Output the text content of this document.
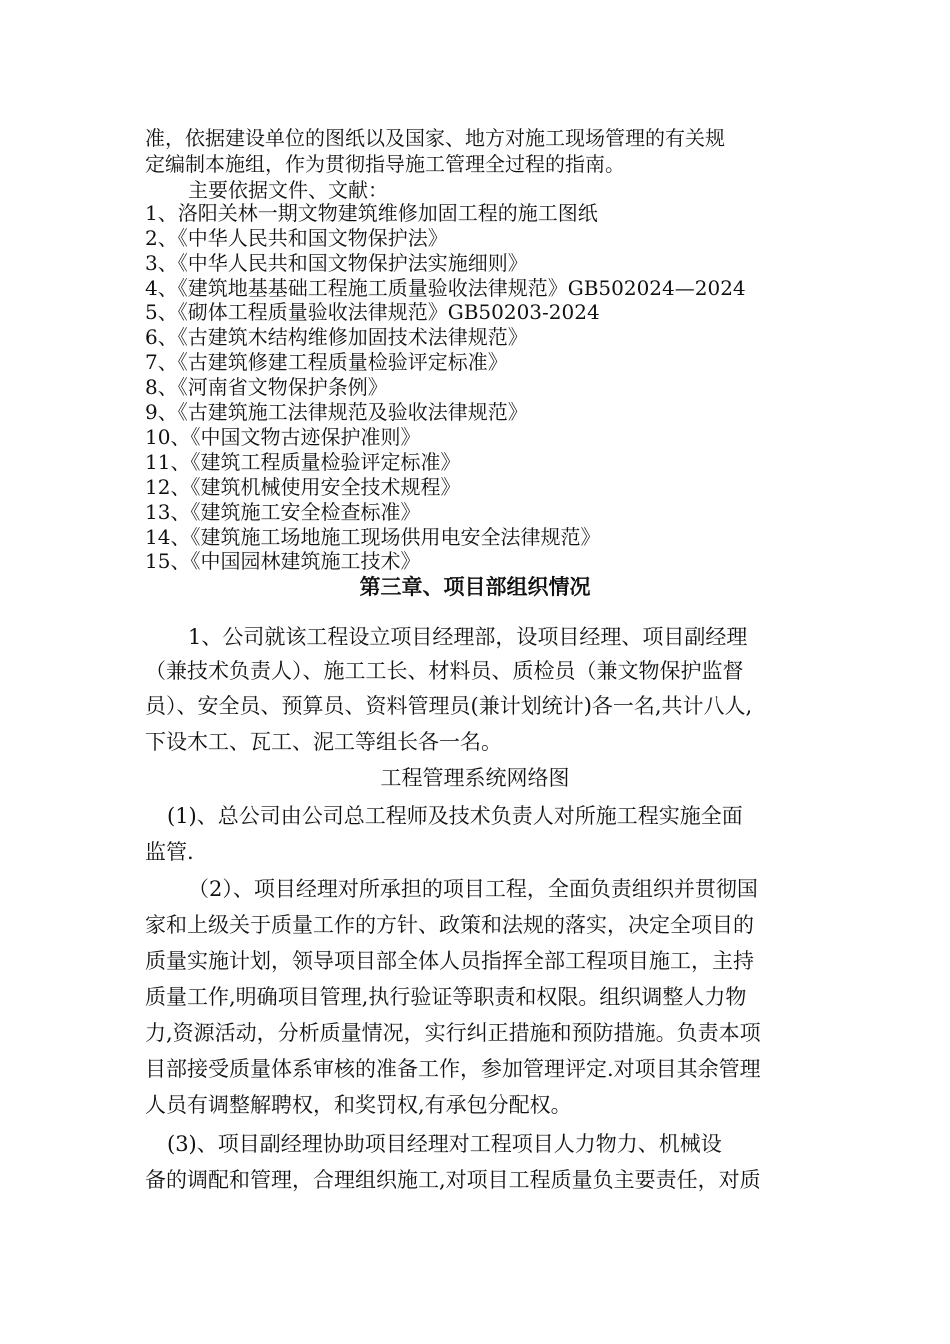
准，依据建设单位的图纸以及国家、地方对施工现场管理的有关规
定编制本施组，作为贯彻指导施工管理全过程的指南。
主要依据文件、文献：
1、洛阳关林一期文物建筑维修加固工程的施工图纸
2、《中华人民共和国文物保护法》
3、《中华人民共和国文物保护法实施细则》
4、《建筑地基基础工程施工质量验收法律规范》GB502024—2024
5、《砌体工程质量验收法律规范》GB50203-2024
6、《古建筑木结构维修加固技术法律规范》
7、《古建筑修建工程质量检验评定标准》
8、《河南省文物保护条例》
9、《古建筑施工法律规范及验收法律规范》
10、《中国文物古迹保护准则》
11、《建筑工程质量检验评定标准》
12、《建筑机械使用安全技术规程》
13、《建筑施工安全检查标准》
14、《建筑施工场地施工现场供用电安全法律规范》
15、《中国园林建筑施工技术》
第三章、项目部组织情况
1、公司就该工程设立项目经理部，设项目经理、项目副经理
（兼技术负责人）、施工工长、材料员、质检员（兼文物保护监督
员）、安全员、预算员、资料管理员(兼计划统计)各一名,共计八人,
下设木工、瓦工、泥工等组长各一名。
工程管理系统网络图
(1)、总公司由公司总工程师及技术负责人对所施工程实施全面
监管.
（2）、项目经理对所承担的项目工程，全面负责组织并贯彻国
家和上级关于质量工作的方针、政策和法规的落实，决定全项目的
质量实施计划，领导项目部全体人员指挥全部工程项目施工，主持
质量工作,明确项目管理,执行验证等职责和权限。组织调整人力物
力,资源活动，分析质量情况，实行纠正措施和预防措施。负责本项
目部接受质量体系审核的准备工作，参加管理评定.对项目其余管理
人员有调整解聘权，和奖罚权,有承包分配权。
(3)、项目副经理协助项目经理对工程项目人力物力、机械设
备的调配和管理，合理组织施工,对项目工程质量负主要责任，对质
